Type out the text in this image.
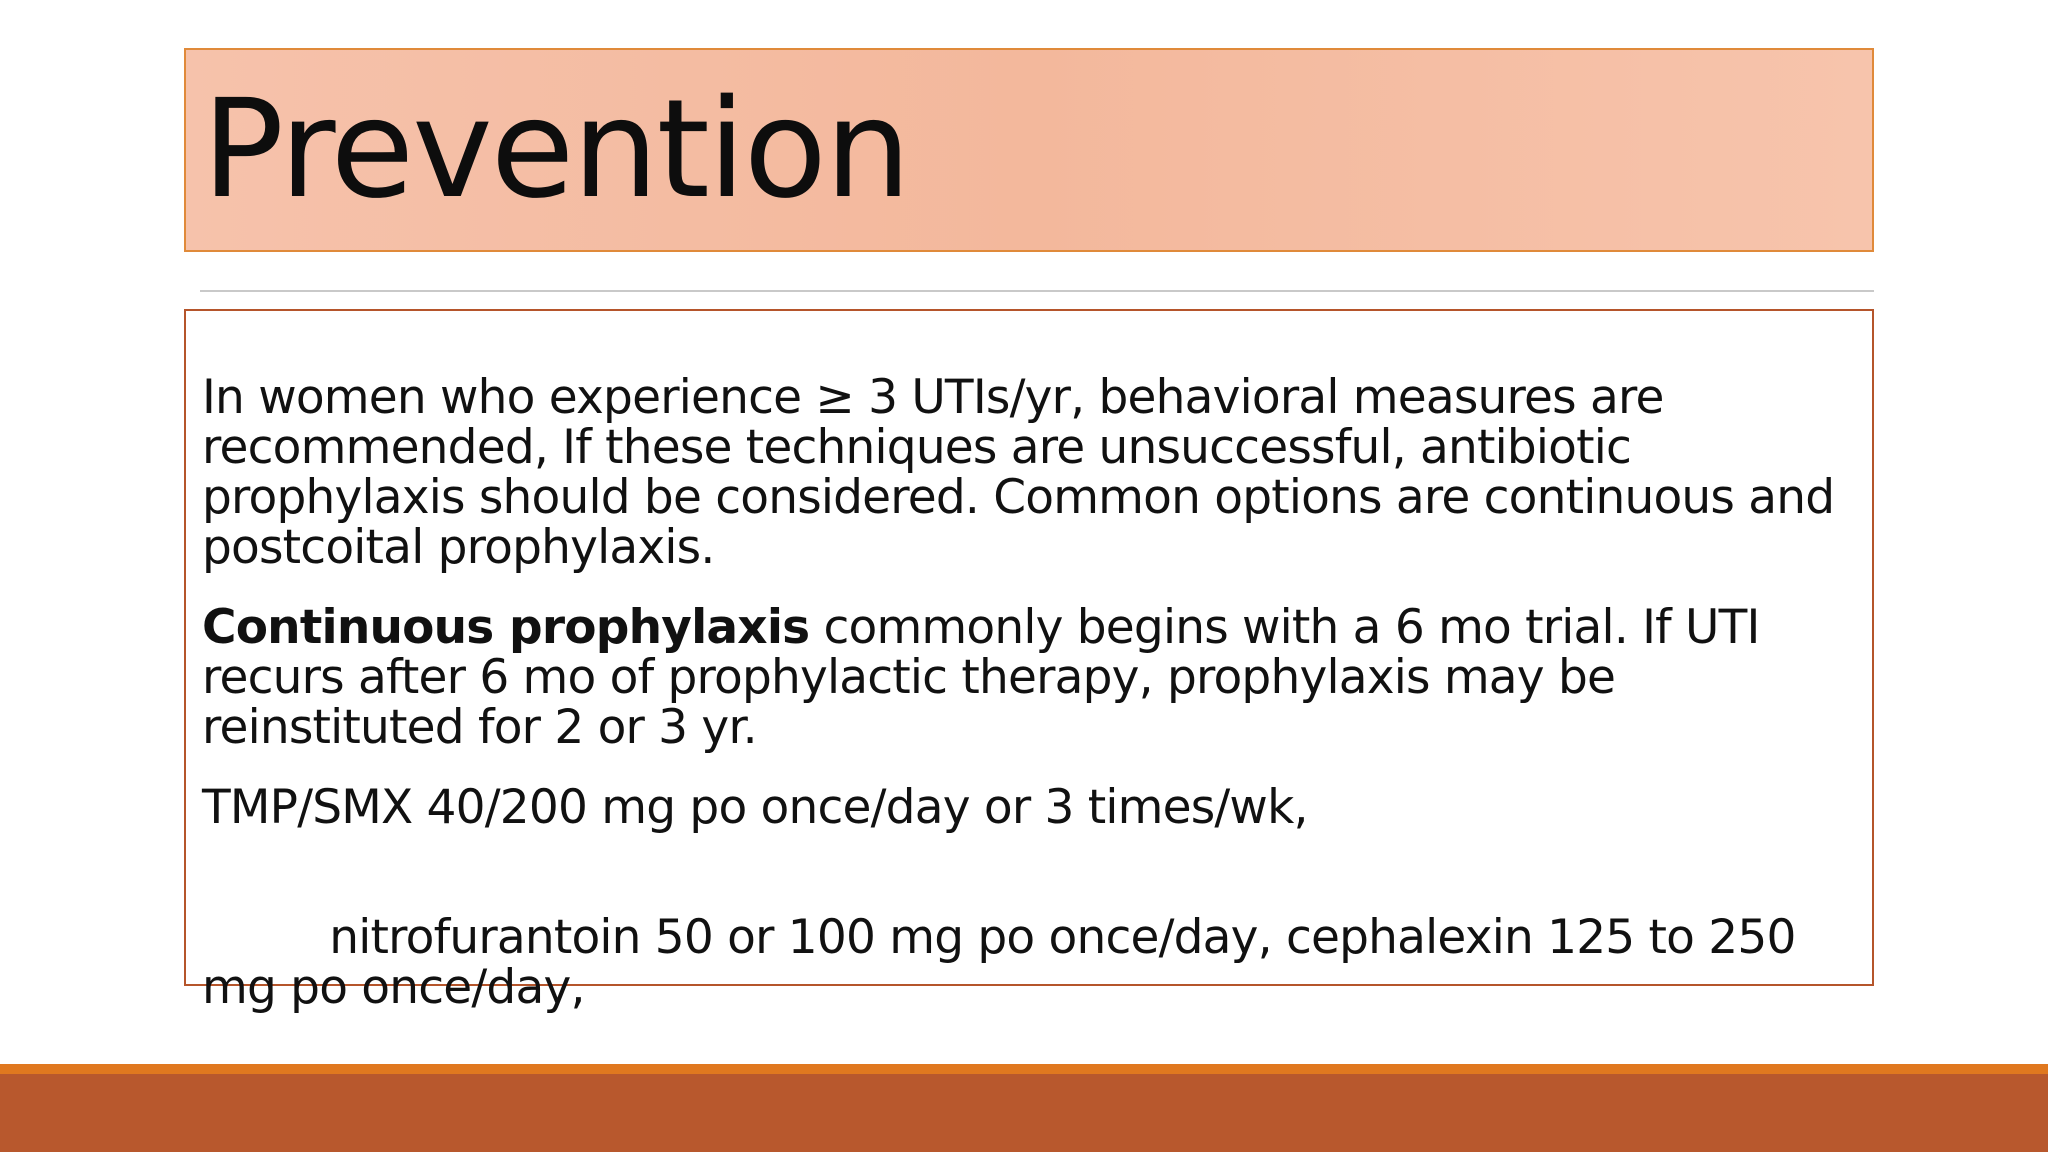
Prevention

In women who experience ≥ 3 UTIs/yr, behavioral measures are recommended, If these techniques are unsuccessful, antibiotic prophylaxis should be considered. Common options are continuous and postcoital prophylaxis.

Continuous prophylaxis commonly begins with a 6 mo trial. If UTI recurs after 6 mo of prophylactic therapy, prophylaxis may be reinstituted for 2 or 3 yr.

TMP/SMX 40/200 mg po once/day or 3 times/wk,

nitrofurantoin 50 or 100 mg po once/day, cephalexin 125 to 250 mg po once/day,
